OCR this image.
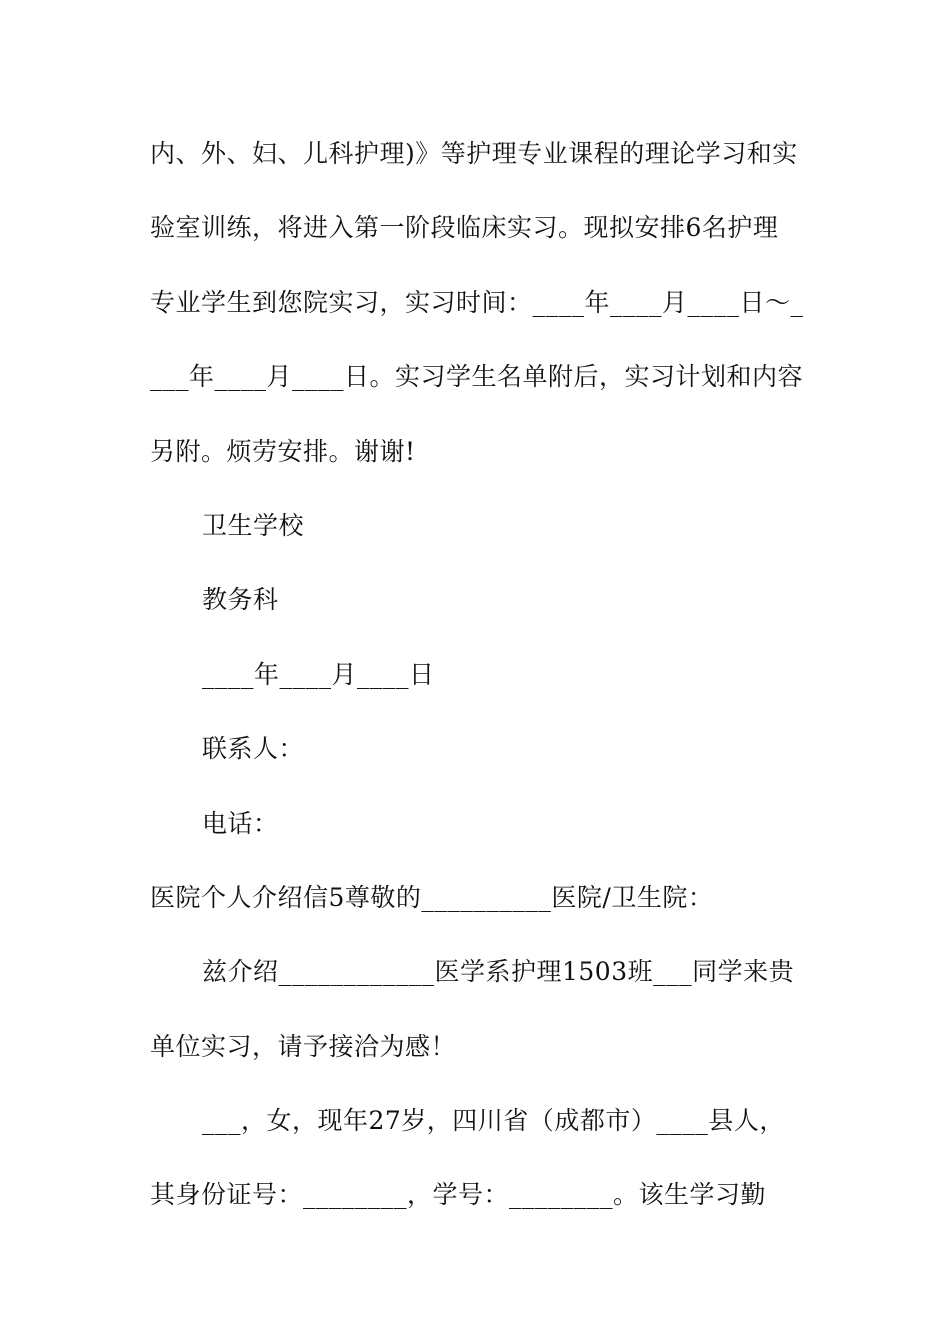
内、外、妇、儿科护理)》等护理专业课程的理论学习和实
验室训练，将进入第一阶段临床实习。现拟安排6名护理
专业学生到您院实习，实习时间：____年____月____日～_
___年____月____日。实习学生名单附后，实习计划和内容
另附。烦劳安排。谢谢!
卫生学校
教务科
____年____月____日
联系人：
电话：
医院个人介绍信5尊敬的__________医院/卫生院：
兹介绍____________医学系护理1503班___同学来贵
单位实习，请予接洽为感！
___，女，现年27岁，四川省（成都市）____县人，
其身份证号：________，学号：________。该生学习勤
